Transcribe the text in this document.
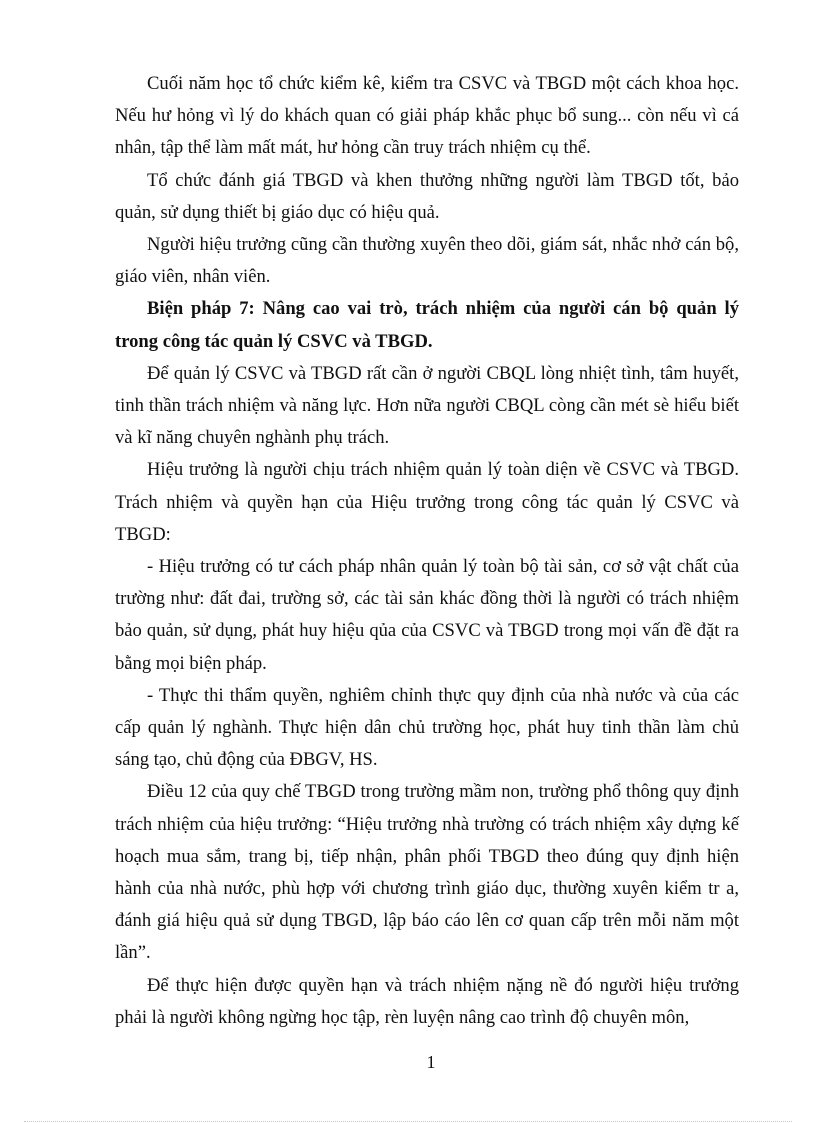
Cuối năm học tổ chức kiểm kê, kiểm tra CSVC và TBGD một cách khoa học. Nếu hư hỏng vì lý do khách quan có giải pháp khắc phục bổ sung... còn nếu vì cá nhân, tập thể làm mất mát, hư hỏng cần truy trách nhiệm cụ thể.

Tổ chức đánh giá TBGD và khen thưởng những người làm TBGD tốt, bảo quản, sử dụng thiết bị giáo dục có hiệu quả.

Người hiệu trưởng cũng cần thường xuyên theo dõi, giám sát, nhắc nhở cán bộ, giáo viên, nhân viên.

Biện pháp 7: Nâng cao vai trò, trách nhiệm của người cán bộ quản lý trong công tác quản lý CSVC và TBGD.

Để quản lý CSVC và TBGD rất cần ở người CBQL lòng nhiệt tình, tâm huyết, tinh thần trách nhiệm và năng lực. Hơn nữa người CBQL còng cần mét sè hiểu biết và kĩ năng chuyên nghành phụ trách.

Hiệu trưởng là người chịu trách nhiệm quản lý toàn diện về CSVC và TBGD. Trách nhiệm và quyền hạn của Hiệu trưởng trong công tác quản lý CSVC và TBGD:

- Hiệu trưởng có tư cách pháp nhân quản lý toàn bộ tài sản, cơ sở vật chất của trường như: đất đai, trường sở, các tài sản khác đồng thời là người có trách nhiệm bảo quản, sử dụng, phát huy hiệu qủa của CSVC và TBGD trong mọi vấn đề đặt ra bằng mọi biện pháp.

- Thực thi thẩm quyền, nghiêm chỉnh thực quy định của nhà nước và của các cấp quản lý nghành. Thực hiện dân chủ trường học, phát huy tinh thần làm chủ sáng tạo, chủ động của ĐBGV, HS.

Điều 12 của quy chế TBGD trong trường mầm non, trường phổ thông quy định trách nhiệm của hiệu trưởng: “Hiệu trưởng nhà trường có trách nhiệm xây dựng kế hoạch mua sắm, trang bị, tiếp nhận, phân phối TBGD theo đúng quy định hiện hành của nhà nước, phù hợp với chương trình giáo dục, thường xuyên kiểm tr a, đánh giá hiệu quả sử dụng TBGD, lập báo cáo lên cơ quan cấp trên mỗi năm một lần”.

Để thực hiện được quyền hạn và trách nhiệm nặng nề đó người hiệu trưởng phải là người không ngừng học tập, rèn luyện nâng cao trình độ chuyên môn,

1
